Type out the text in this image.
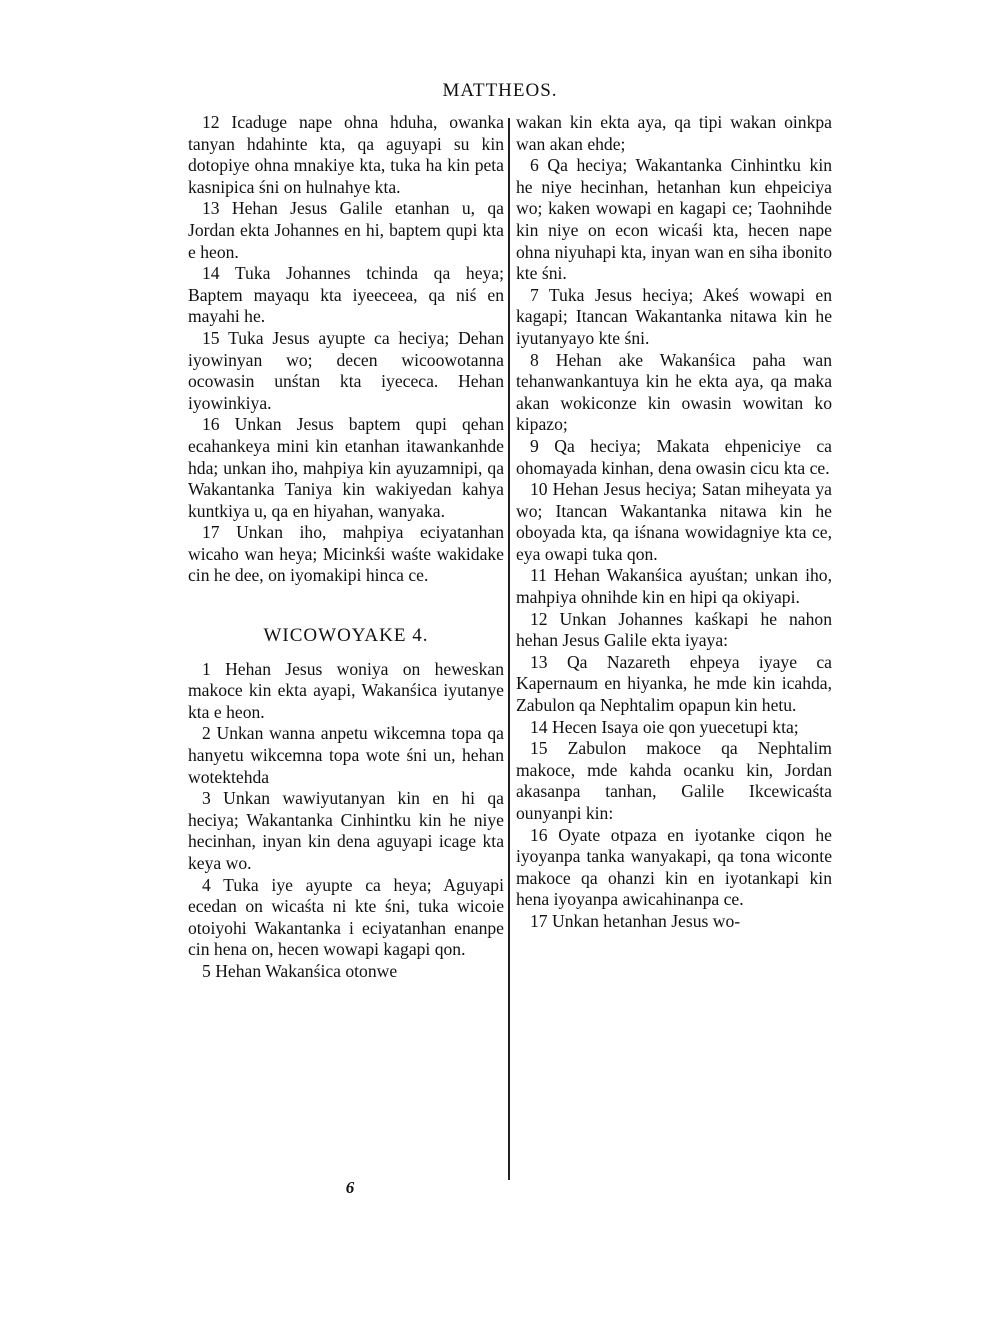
MATTHEOS.

12 Icaduge nape ohna hduha, owanka tanyan hdahinte kta, qa aguyapi su kin dotopiye ohna mnakiye kta, tuka ha kin peta kasnipica śni on hulnahye kta.

13 Hehan Jesus Galile etanhan u, qa Jordan ekta Johannes en hi, baptem qupi kta e heon.

14 Tuka Johannes tchinda qa heya; Baptem mayaqu kta iyeeceea, qa niś en mayahi he.

15 Tuka Jesus ayupte ca heciya; Dehan iyowinyan wo; decen wicoowotanna ocowasin unśtan kta iyececa. Hehan iyowinkiya.

16 Unkan Jesus baptem qupi qehan ecahankeya mini kin etanhan itawankanhde hda; unkan iho, mahpiya kin ayuzamnipi, qa Wakantanka Taniya kin wakiyedan kahya kuntkiya u, qa en hiyahan, wanyaka.

17 Unkan iho, mahpiya eciyatanhan wicaho wan heya; Micinkśi waśte wakidake cin he dee, on iyomakipi hinca ce.

WICOWOYAKE 4.

1 Hehan Jesus woniya on heweskan makoce kin ekta ayapi, Wakanśica iyutanye kta e heon.

2 Unkan wanna anpetu wikcemna topa qa hanyetu wikcemna topa wote śni un, hehan wotektehda

3 Unkan wawiyutanyan kin en hi qa heciya; Wakantanka Cinhintku kin he niye hecinhan, inyan kin dena aguyapi icage kta keya wo.

4 Tuka iye ayupte ca heya; Aguyapi ecedan on wicaśta ni kte śni, tuka wicoie otoiyohi Wakantanka i eciyatanhan enanpe cin hena on, hecen wowapi kagapi qon.

5 Hehan Wakanśica otonwe

wakan kin ekta aya, qa tipi wakan oinkpa wan akan ehde;

6 Qa heciya; Wakantanka Cinhintku kin he niye hecinhan, hetanhan kun ehpeiciya wo; kaken wowapi en kagapi ce; Taohnihde kin niye on econ wicaśi kta, hecen nape ohna niyuhapi kta, inyan wan en siha ibonito kte śni.

7 Tuka Jesus heciya; Akeś wowapi en kagapi; Itancan Wakantanka nitawa kin he iyutanyayo kte śni.

8 Hehan ake Wakanśica paha wan tehanwankantuya kin he ekta aya, qa maka akan wokiconze kin owasin wowitan ko kipazo;

9 Qa heciya; Makata ehpeniciye ca ohomayada kinhan, dena owasin cicu kta ce.

10 Hehan Jesus heciya; Satan miheyata ya wo; Itancan Wakantanka nitawa kin he oboyada kta, qa iśnana wowidagniye kta ce, eya owapi tuka qon.

11 Hehan Wakanśica ayuśtan; unkan iho, mahpiya ohnihde kin en hipi qa okiyapi.

12 Unkan Johannes kaśkapi he nahon hehan Jesus Galile ekta iyaya:

13 Qa Nazareth ehpeya iyaye ca Kapernaum en hiyanka, he mde kin icahda, Zabulon qa Nephtalim opapun kin hetu.

14 Hecen Isaya oie qon yuecetupi kta;

15 Zabulon makoce qa Nephtalim makoce, mde kahda ocanku kin, Jordan akasanpa tanhan, Galile Ikcewicaśta ounyanpi kin:

16 Oyate otpaza en iyotanke ciqon he iyoyanpa tanka wanyakapi, qa tona wiconte makoce qa ohanzi kin en iyotankapi kin hena iyoyanpa awicahinanpa ce.

17 Unkan hetanhan Jesus wo-

6
